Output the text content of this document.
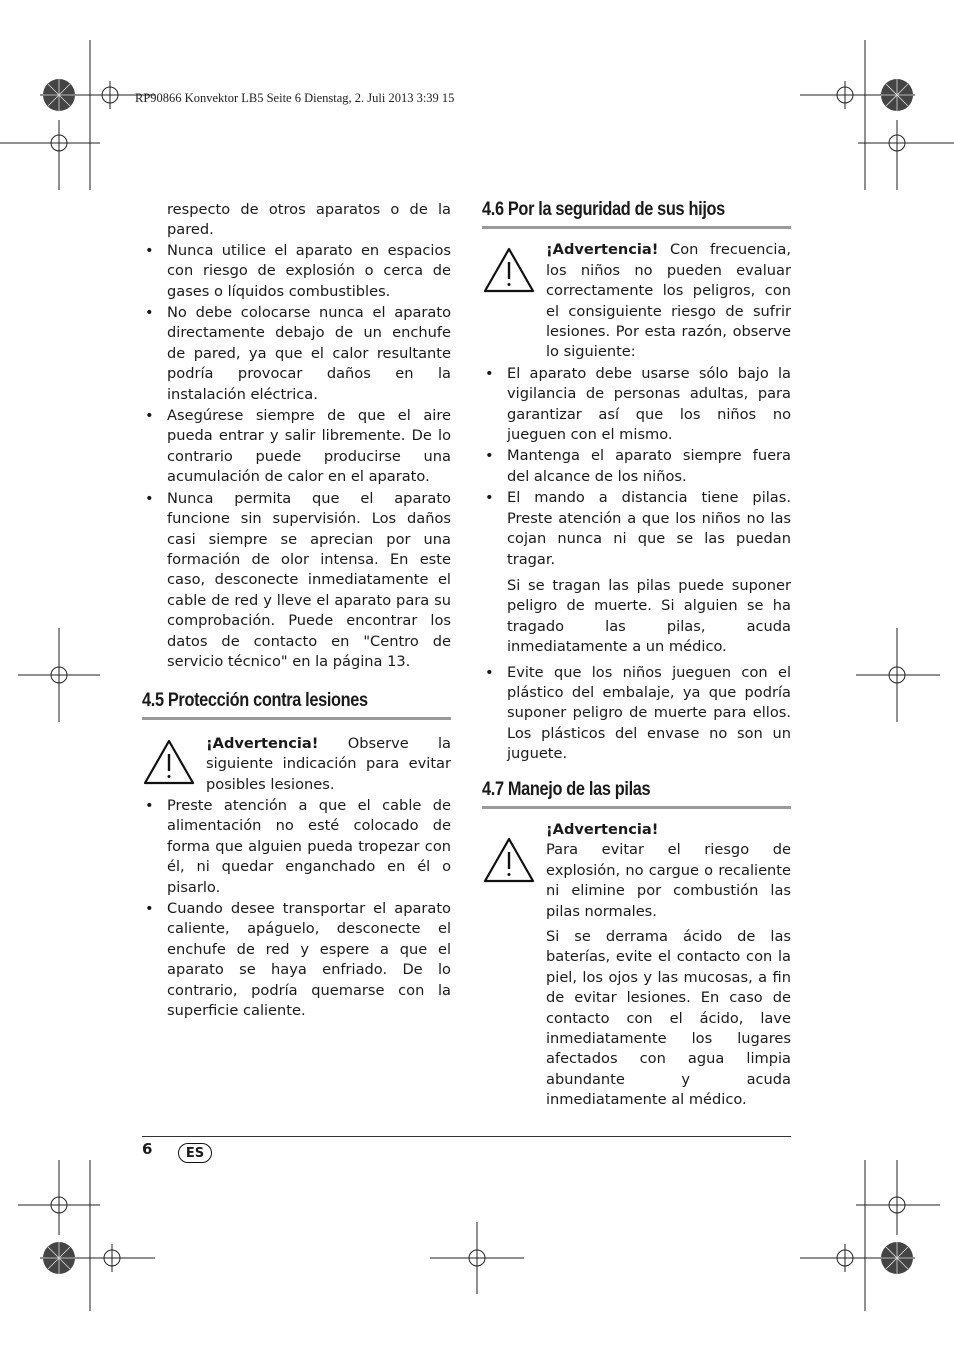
RP90866 Konvektor LB5 Seite 6 Dienstag, 2. Juli 2013 3:39 15

respecto de otros aparatos o de la pared.

• Nunca utilice el aparato en espacios con riesgo de explosión o cerca de gases o líquidos combustibles.
• No debe colocarse nunca el aparato directamente debajo de un enchufe de pared, ya que el calor resultante podría provocar daños en la instalación eléctrica.
• Asegúrese siempre de que el aire pueda entrar y salir libremente. De lo contrario puede producirse una acumulación de calor en el aparato.
• Nunca permita que el aparato funcione sin supervisión. Los daños casi siempre se aprecian por una formación de olor intensa. En este caso, desconecte inmediatamente el cable de red y lleve el aparato para su comprobación. Puede encontrar los datos de contacto en "Centro de servicio técnico" en la página 13.
4.5 Protección contra lesiones
¡Advertencia! Observe la siguiente indicación para evitar posibles lesiones.
• Preste atención a que el cable de alimentación no esté colocado de forma que alguien pueda tropezar con él, ni quedar enganchado en él o pisarlo.
• Cuando desee transportar el aparato caliente, apáguelo, desconecte el enchufe de red y espere a que el aparato se haya enfriado. De lo contrario, podría quemarse con la superficie caliente.
4.6 Por la seguridad de sus hijos
¡Advertencia! Con frecuencia, los niños no pueden evaluar correctamente los peligros, con el consiguiente riesgo de sufrir lesiones. Por esta razón, observe lo siguiente:
• El aparato debe usarse sólo bajo la vigilancia de personas adultas, para garantizar así que los niños no jueguen con el mismo.
• Mantenga el aparato siempre fuera del alcance de los niños.
• El mando a distancia tiene pilas. Preste atención a que los niños no las cojan nunca ni que se las puedan tragar.

Si se tragan las pilas puede suponer peligro de muerte. Si alguien se ha tragado las pilas, acuda inmediatamente a un médico.

• Evite que los niños jueguen con el plástico del embalaje, ya que podría suponer peligro de muerte para ellos. Los plásticos del envase no son un juguete.
4.7 Manejo de las pilas
¡Advertencia!
Para evitar el riesgo de explosión, no cargue o recaliente ni elimine por combustión las pilas normales.
Si se derrama ácido de las baterías, evite el contacto con la piel, los ojos y las mucosas, a fin de evitar lesiones. En caso de contacto con el ácido, lave inmediatamente los lugares afectados con agua limpia abundante y acuda inmediatamente al médico.
6	ES
